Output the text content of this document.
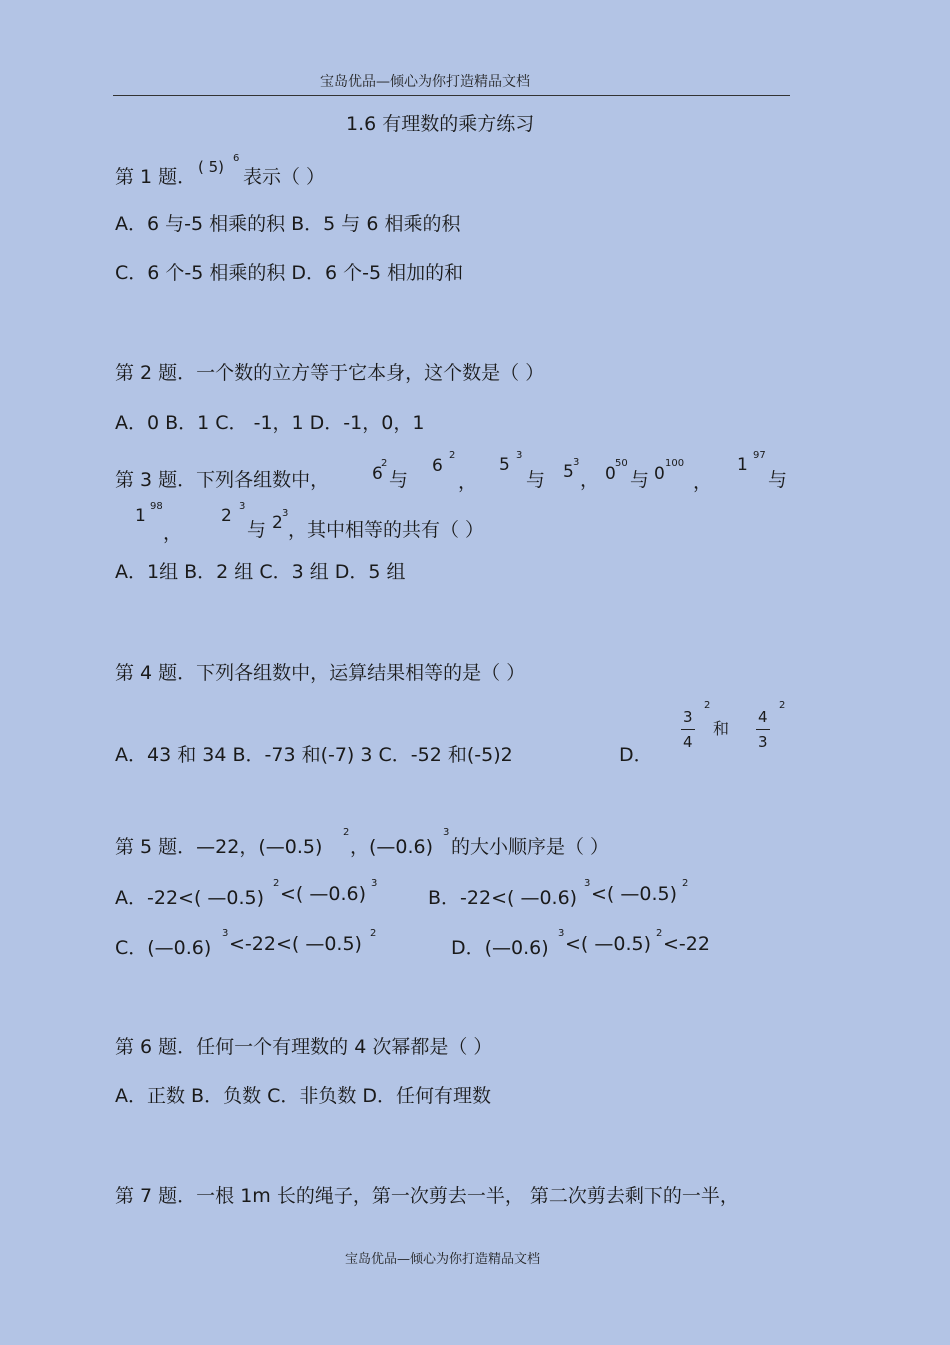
宝岛优品—倾心为你打造精品文档
1.6 有理数的乘方练习
第 1 题． ( 5) 6
表示（ ）
A．6 与-5 相乘的积 B．5 与 6 相乘的积
C．6 个-5 相乘的积 D．6 个-5 相加的和
第 2 题．一个数的立方等于它本身，这个数是（ ）
A．0 B．1 C． -1，1 D．-1，0，1
第 3 题．下列各组数中，	6
2
与
6
2
，
5 3
与 5 3
， 0
50
与 0
100
，
1 97
与
1 98
，
2 3
与 2 3
，其中相等的共有（ ）
A．1组 B．2 组 C．3 组 D．5 组
第 4 题．下列各组数中，运算结果相等的是（ ）
A．43 和 34 B．-73 和(-7) 3 C．-52 和(-5)2	D．
3
4
2
和
4
3
2
第 5 题．—22，(—0.5)
2
，(—0.6)
3
的大小顺序是（ ）
A．-22<( —0.5)
2 <( —0.6) 3
B．-22<( —0.6)
3 <( —0.5) 2
C．(—0.6)
3 <-22<( —0.5) 2
D．(—0.6)
3 <( —0.5) 2 <-22
第 6 题．任何一个有理数的 4 次幂都是（ ）
A．正数 B．负数 C．非负数 D．任何有理数
第 7 题．一根 1m 长的绳子，第一次剪去一半， 第二次剪去剩下的一半，
宝岛优品—倾心为你打造精品文档
